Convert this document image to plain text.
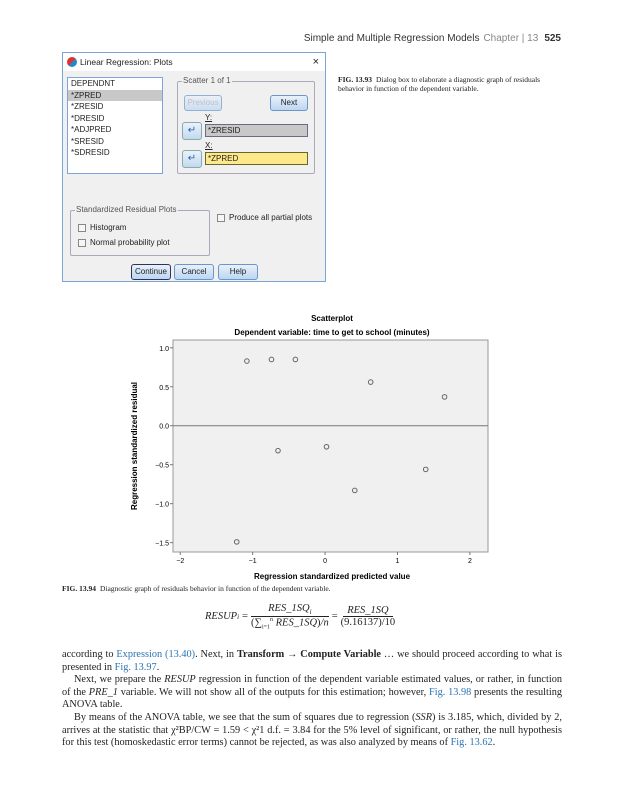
Simple and Multiple Regression Models Chapter | 13 525
Linear Regression: Plots	×
DEPENDNT
*ZPRED
*ZRESID
*DRESID
*ADJPRED
*SRESID
*SDRESID
Scatter 1 of 1
Previous	Next
Y:
↵	*ZRESID
X:
↵	*ZPRED
Standardized Residual Plots
Histogram
Normal probability plot
Produce all partial plots
Continue	Cancel	Help
FIG. 13.93 Dialog box to elaborate a diagnostic graph of residuals behavior in function of the dependent variable.
Scatterplot
Dependent variable: time to get to school (minutes)
1.0
0.5
0.0
−0.5
−1.0
−1.5
−2	−1	0	1	2
Regression standardized predicted value
Regression standardized residual
FIG. 13.94 Diagnostic graph of residuals behavior in function of the dependent variable.
RESUP i =
$RES\_1SQ_i$
($\sum_{i=1}^n$ RES_1SQ)/n
=
RES_1SQ
(9.16137)/10

according to Expression (13.40). Next, in Transform → Compute Variable … we should proceed according to what is presented in Fig. 13.97.

Next, we prepare the RESUP regression in function of the dependent variable estimated values, or rather, in function of the PRE_1 variable. We will not show all of the outputs for this estimation; however, Fig. 13.98 presents the resulting ANOVA table.

By means of the ANOVA table, we see that the sum of squares due to regression (SSR) is 3.185, which, divided by 2, arrives at the statistic that χ²BP/CW = 1.59 < χ²1 d.f. = 3.84 for the 5% level of significant, or rather, the null hypothesis for this test (homoskedastic error terms) cannot be rejected, as was also analyzed by means of Fig. 13.62.
